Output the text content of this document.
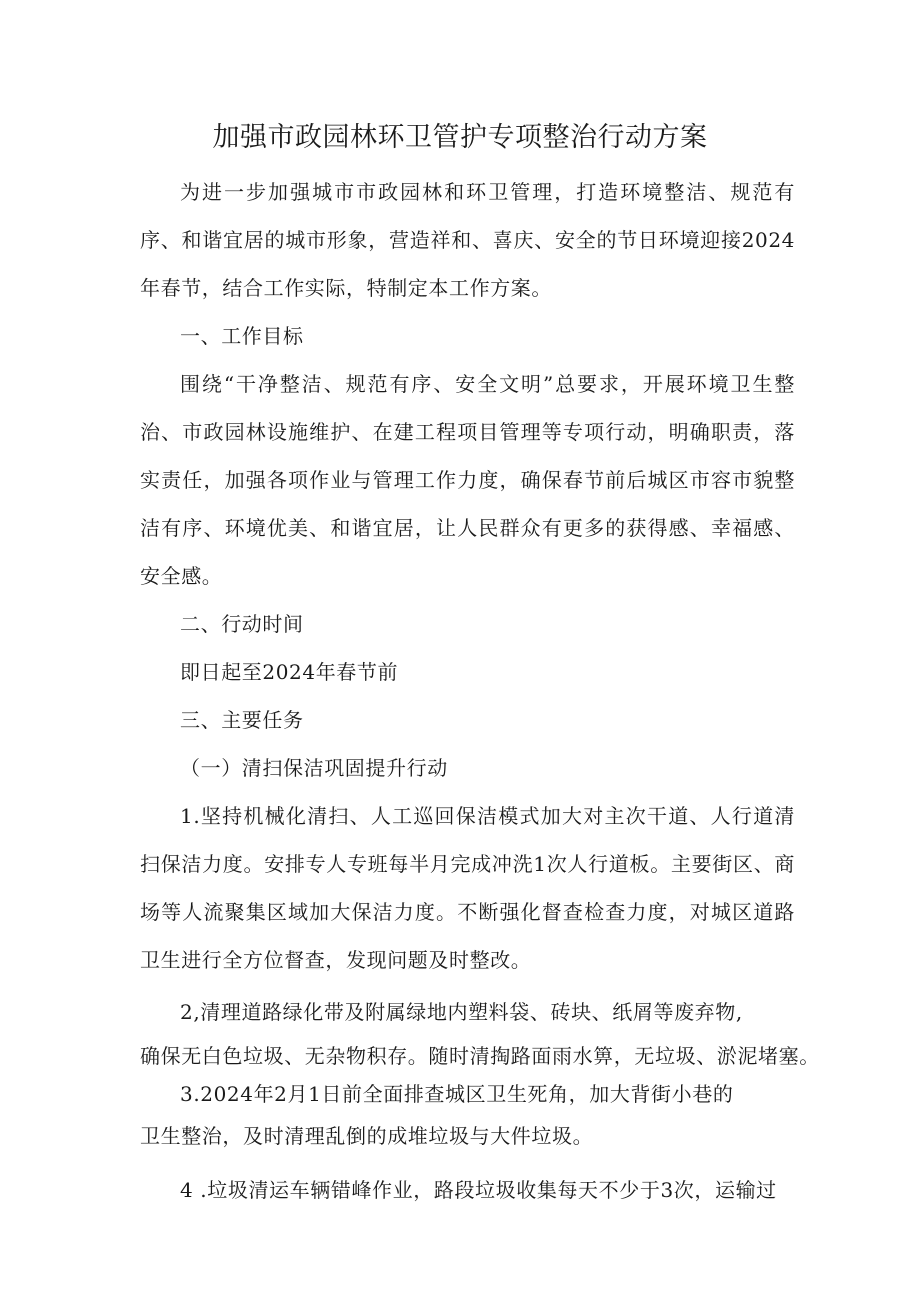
加强市政园林环卫管护专项整治行动方案

为进一步加强城市市政园林和环卫管理，打造环境整洁、规范有序、和谐宜居的城市形象，营造祥和、喜庆、安全的节日环境迎接2024年春节，结合工作实际，特制定本工作方案。

一、工作目标

围绕“干净整洁、规范有序、安全文明”总要求，开展环境卫生整治、市政园林设施维护、在建工程项目管理等专项行动，明确职责，落实责任，加强各项作业与管理工作力度，确保春节前后城区市容市貌整洁有序、环境优美、和谐宜居，让人民群众有更多的获得感、幸福感、安全感。

二、行动时间

即日起至2024年春节前

三、主要任务

（一）清扫保洁巩固提升行动

1.坚持机械化清扫、人工巡回保洁模式加大对主次干道、人行道清扫保洁力度。安排专人专班每半月完成冲洗1次人行道板。主要街区、商场等人流聚集区域加大保洁力度。不断强化督查检查力度，对城区道路卫生进行全方位督查，发现问题及时整改。

2,清理道路绿化带及附属绿地内塑料袋、砖块、纸屑等废弃物,
确保无白色垃圾、无杂物积存。随时清掏路面雨水箅，无垃圾、淤泥堵塞。
3.2024年2月1日前全面排查城区卫生死角，加大背街小巷的
卫生整治，及时清理乱倒的成堆垃圾与大件垃圾。
4 .垃圾清运车辆错峰作业，路段垃圾收集每天不少于3次，运输过
